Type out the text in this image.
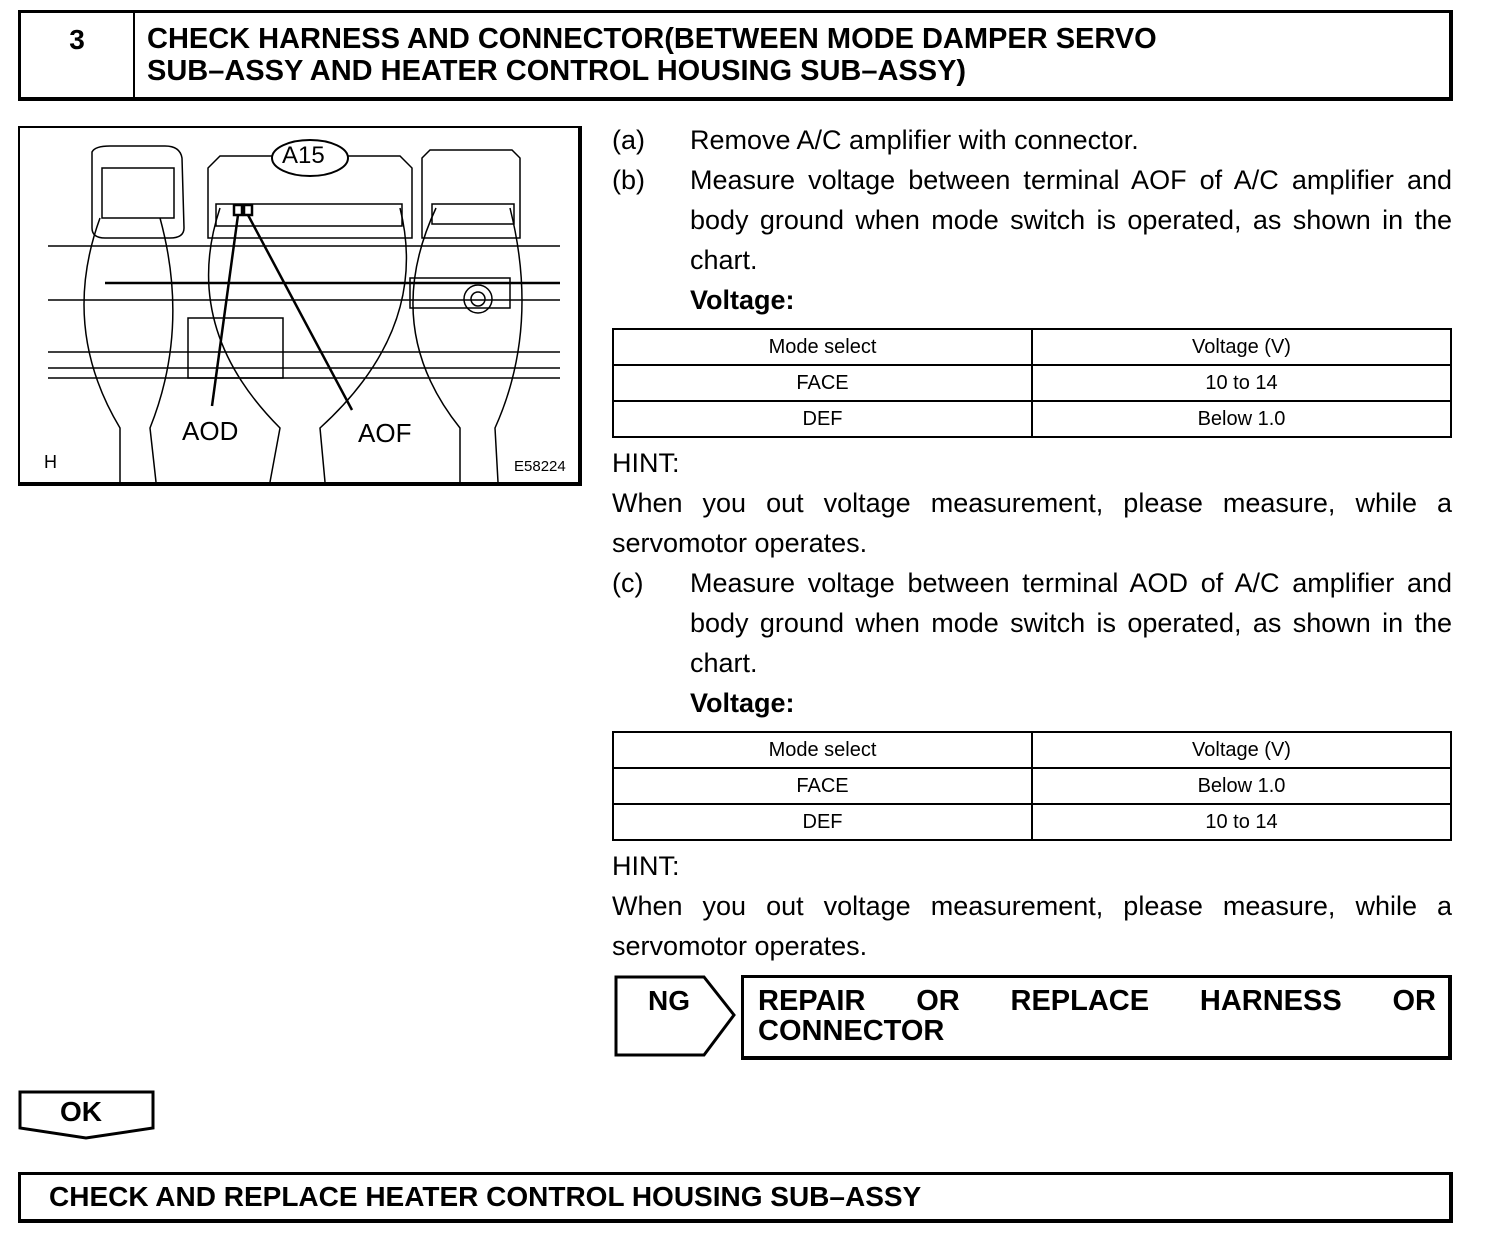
3	CHECK HARNESS AND CONNECTOR(BETWEEN MODE DAMPER SERVO
SUB–ASSY AND HEATER CONTROL HOUSING SUB–ASSY)
A15
AOD	AOF
H	E58224
(a) Remove A/C amplifier with connector.
(b) Measure voltage between terminal AOF of A/C amplifier and body ground when mode switch is operated, as shown in the chart.
Voltage:
Mode select	Voltage (V)
FACE	10 to 14
DEF	Below 1.0
HINT:
When you out voltage measurement, please measure, while a servomotor operates.
(c) Measure voltage between terminal AOD of A/C amplifier and body ground when mode switch is operated, as shown in the chart.
Voltage:
Mode select	Voltage (V)
FACE	Below 1.0
DEF	10 to 14
HINT:
When you out voltage measurement, please measure, while a servomotor operates.
NG REPAIR OR REPLACE HARNESS OR
CONNECTOR
OK
CHECK AND REPLACE HEATER CONTROL HOUSING SUB–ASSY
